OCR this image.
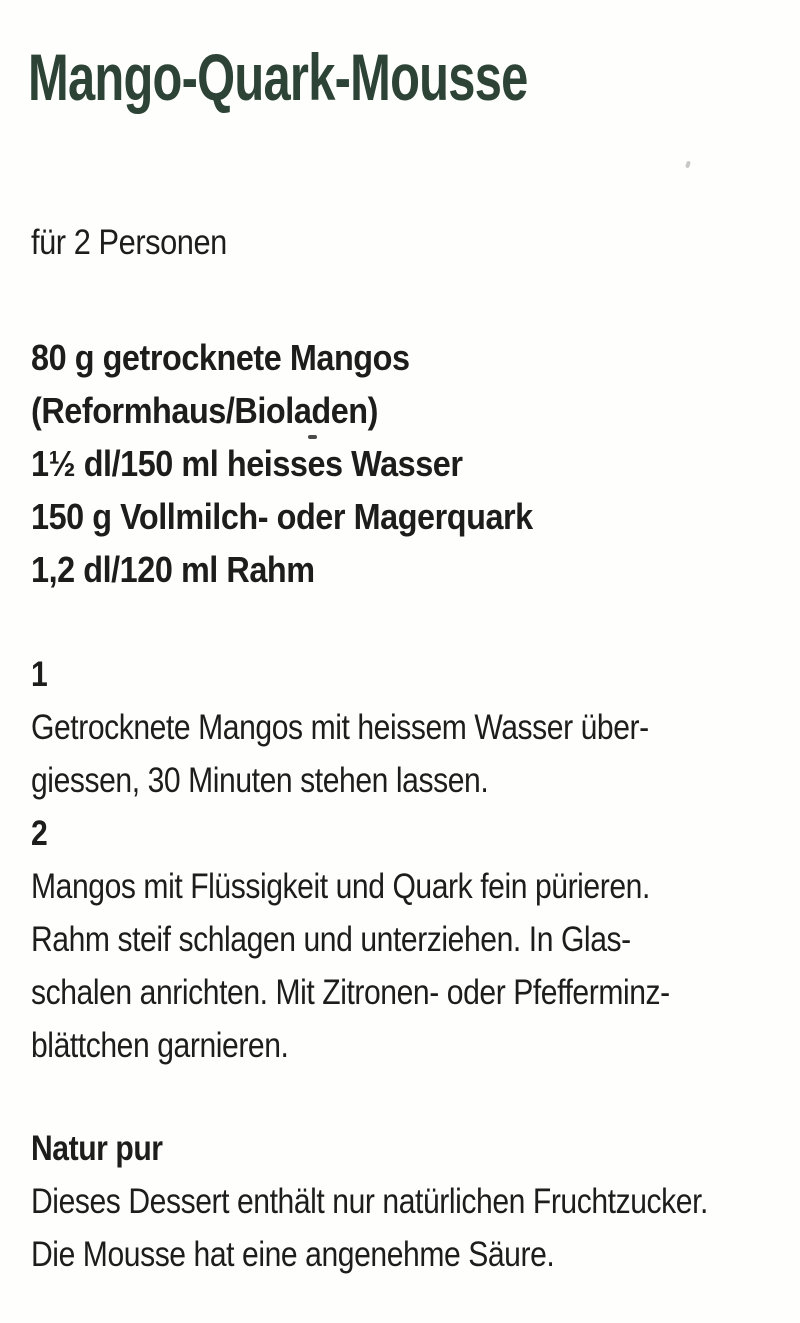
Mango-Quark-Mousse
für 2 Personen
80 g getrocknete Mangos
(Reformhaus/Bioladen)
1½ dl/150 ml heisses Wasser
150 g Vollmilch- oder Magerquark
1,2 dl/120 ml Rahm
1
Getrocknete Mangos mit heissem Wasser über-
giessen, 30 Minuten stehen lassen.
2
Mangos mit Flüssigkeit und Quark fein pürieren.
Rahm steif schlagen und unterziehen. In Glas-
schalen anrichten. Mit Zitronen- oder Pfefferminz-
blättchen garnieren.
Natur pur
Dieses Dessert enthält nur natürlichen Fruchtzucker.
Die Mousse hat eine angenehme Säure.
